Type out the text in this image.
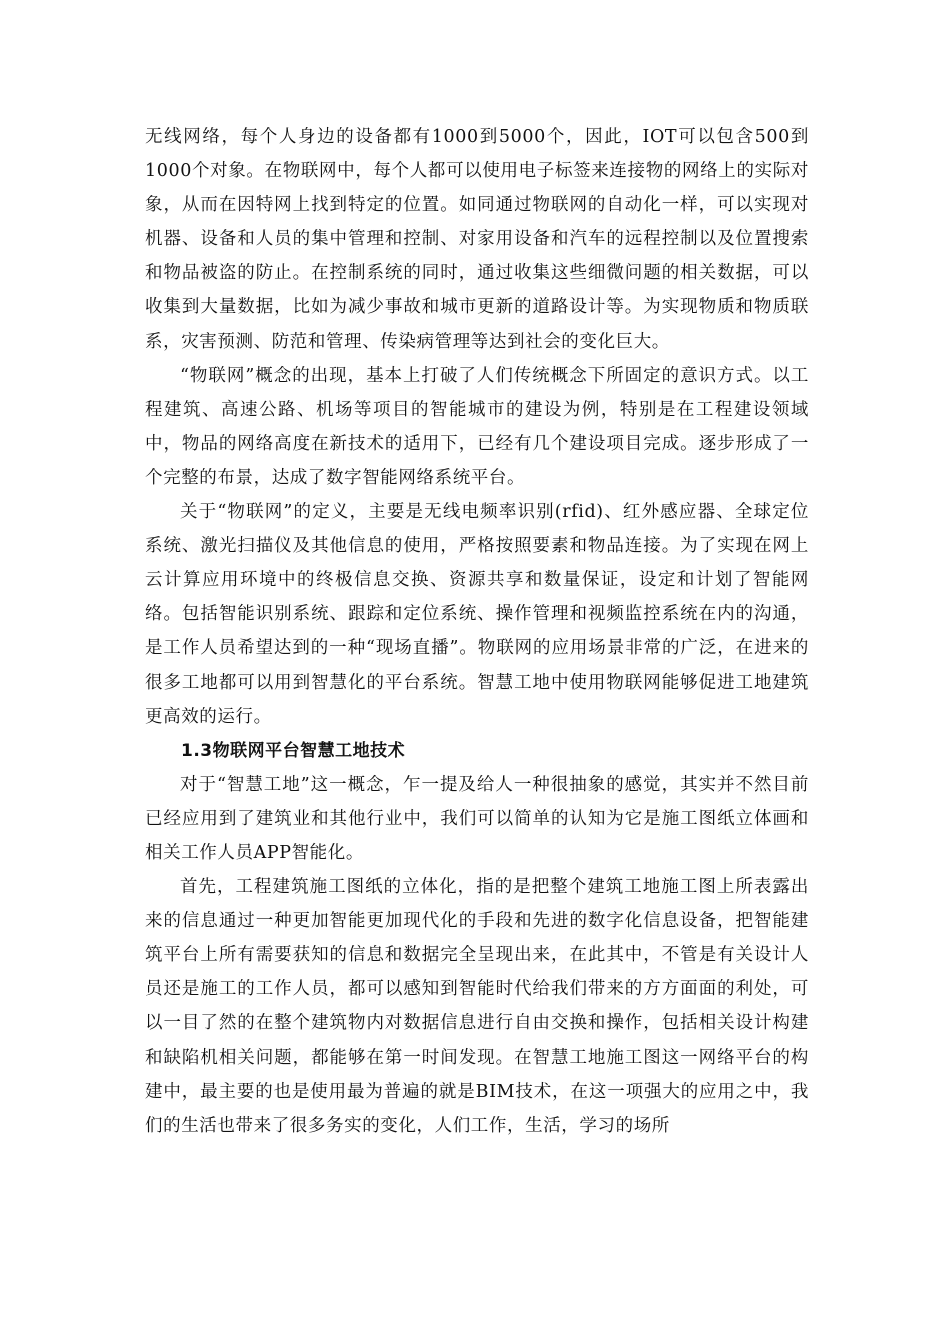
无线网络，每个人身边的设备都有1000到5000个，因此，IOT可以包含500到1000个对象。在物联网中，每个人都可以使用电子标签来连接物的网络上的实际对象，从而在因特网上找到特定的位置。如同通过物联网的自动化一样，可以实现对机器、设备和人员的集中管理和控制、对家用设备和汽车的远程控制以及位置搜索和物品被盗的防止。在控制系统的同时，通过收集这些细微问题的相关数据，可以收集到大量数据，比如为减少事故和城市更新的道路设计等。为实现物质和物质联系，灾害预测、防范和管理、传染病管理等达到社会的变化巨大。

“物联网”概念的出现，基本上打破了人们传统概念下所固定的意识方式。以工程建筑、高速公路、机场等项目的智能城市的建设为例，特别是在工程建设领域中，物品的网络高度在新技术的适用下，已经有几个建设项目完成。逐步形成了一个完整的布景，达成了数字智能网络系统平台。

关于“物联网”的定义，主要是无线电频率识别(rfid)、红外感应器、全球定位系统、激光扫描仪及其他信息的使用，严格按照要素和物品连接。为了实现在网上云计算应用环境中的终极信息交换、资源共享和数量保证，设定和计划了智能网络。包括智能识别系统、跟踪和定位系统、操作管理和视频监控系统在内的沟通，是工作人员希望达到的一种“现场直播”。物联网的应用场景非常的广泛，在进来的很多工地都可以用到智慧化的平台系统。智慧工地中使用物联网能够促进工地建筑更高效的运行。

1.3物联网平台智慧工地技术

对于“智慧工地”这一概念，乍一提及给人一种很抽象的感觉，其实并不然目前已经应用到了建筑业和其他行业中，我们可以简单的认知为它是施工图纸立体画和相关工作人员APP智能化。

首先，工程建筑施工图纸的立体化，指的是把整个建筑工地施工图上所表露出来的信息通过一种更加智能更加现代化的手段和先进的数字化信息设备，把智能建筑平台上所有需要获知的信息和数据完全呈现出来，在此其中，不管是有关设计人员还是施工的工作人员，都可以感知到智能时代给我们带来的方方面面的利处，可以一目了然的在整个建筑物内对数据信息进行自由交换和操作，包括相关设计构建和缺陷机相关问题，都能够在第一时间发现。在智慧工地施工图这一网络平台的构建中，最主要的也是使用最为普遍的就是BIM技术，在这一项强大的应用之中，我们的生活也带来了很多务实的变化，人们工作，生活，学习的场所
